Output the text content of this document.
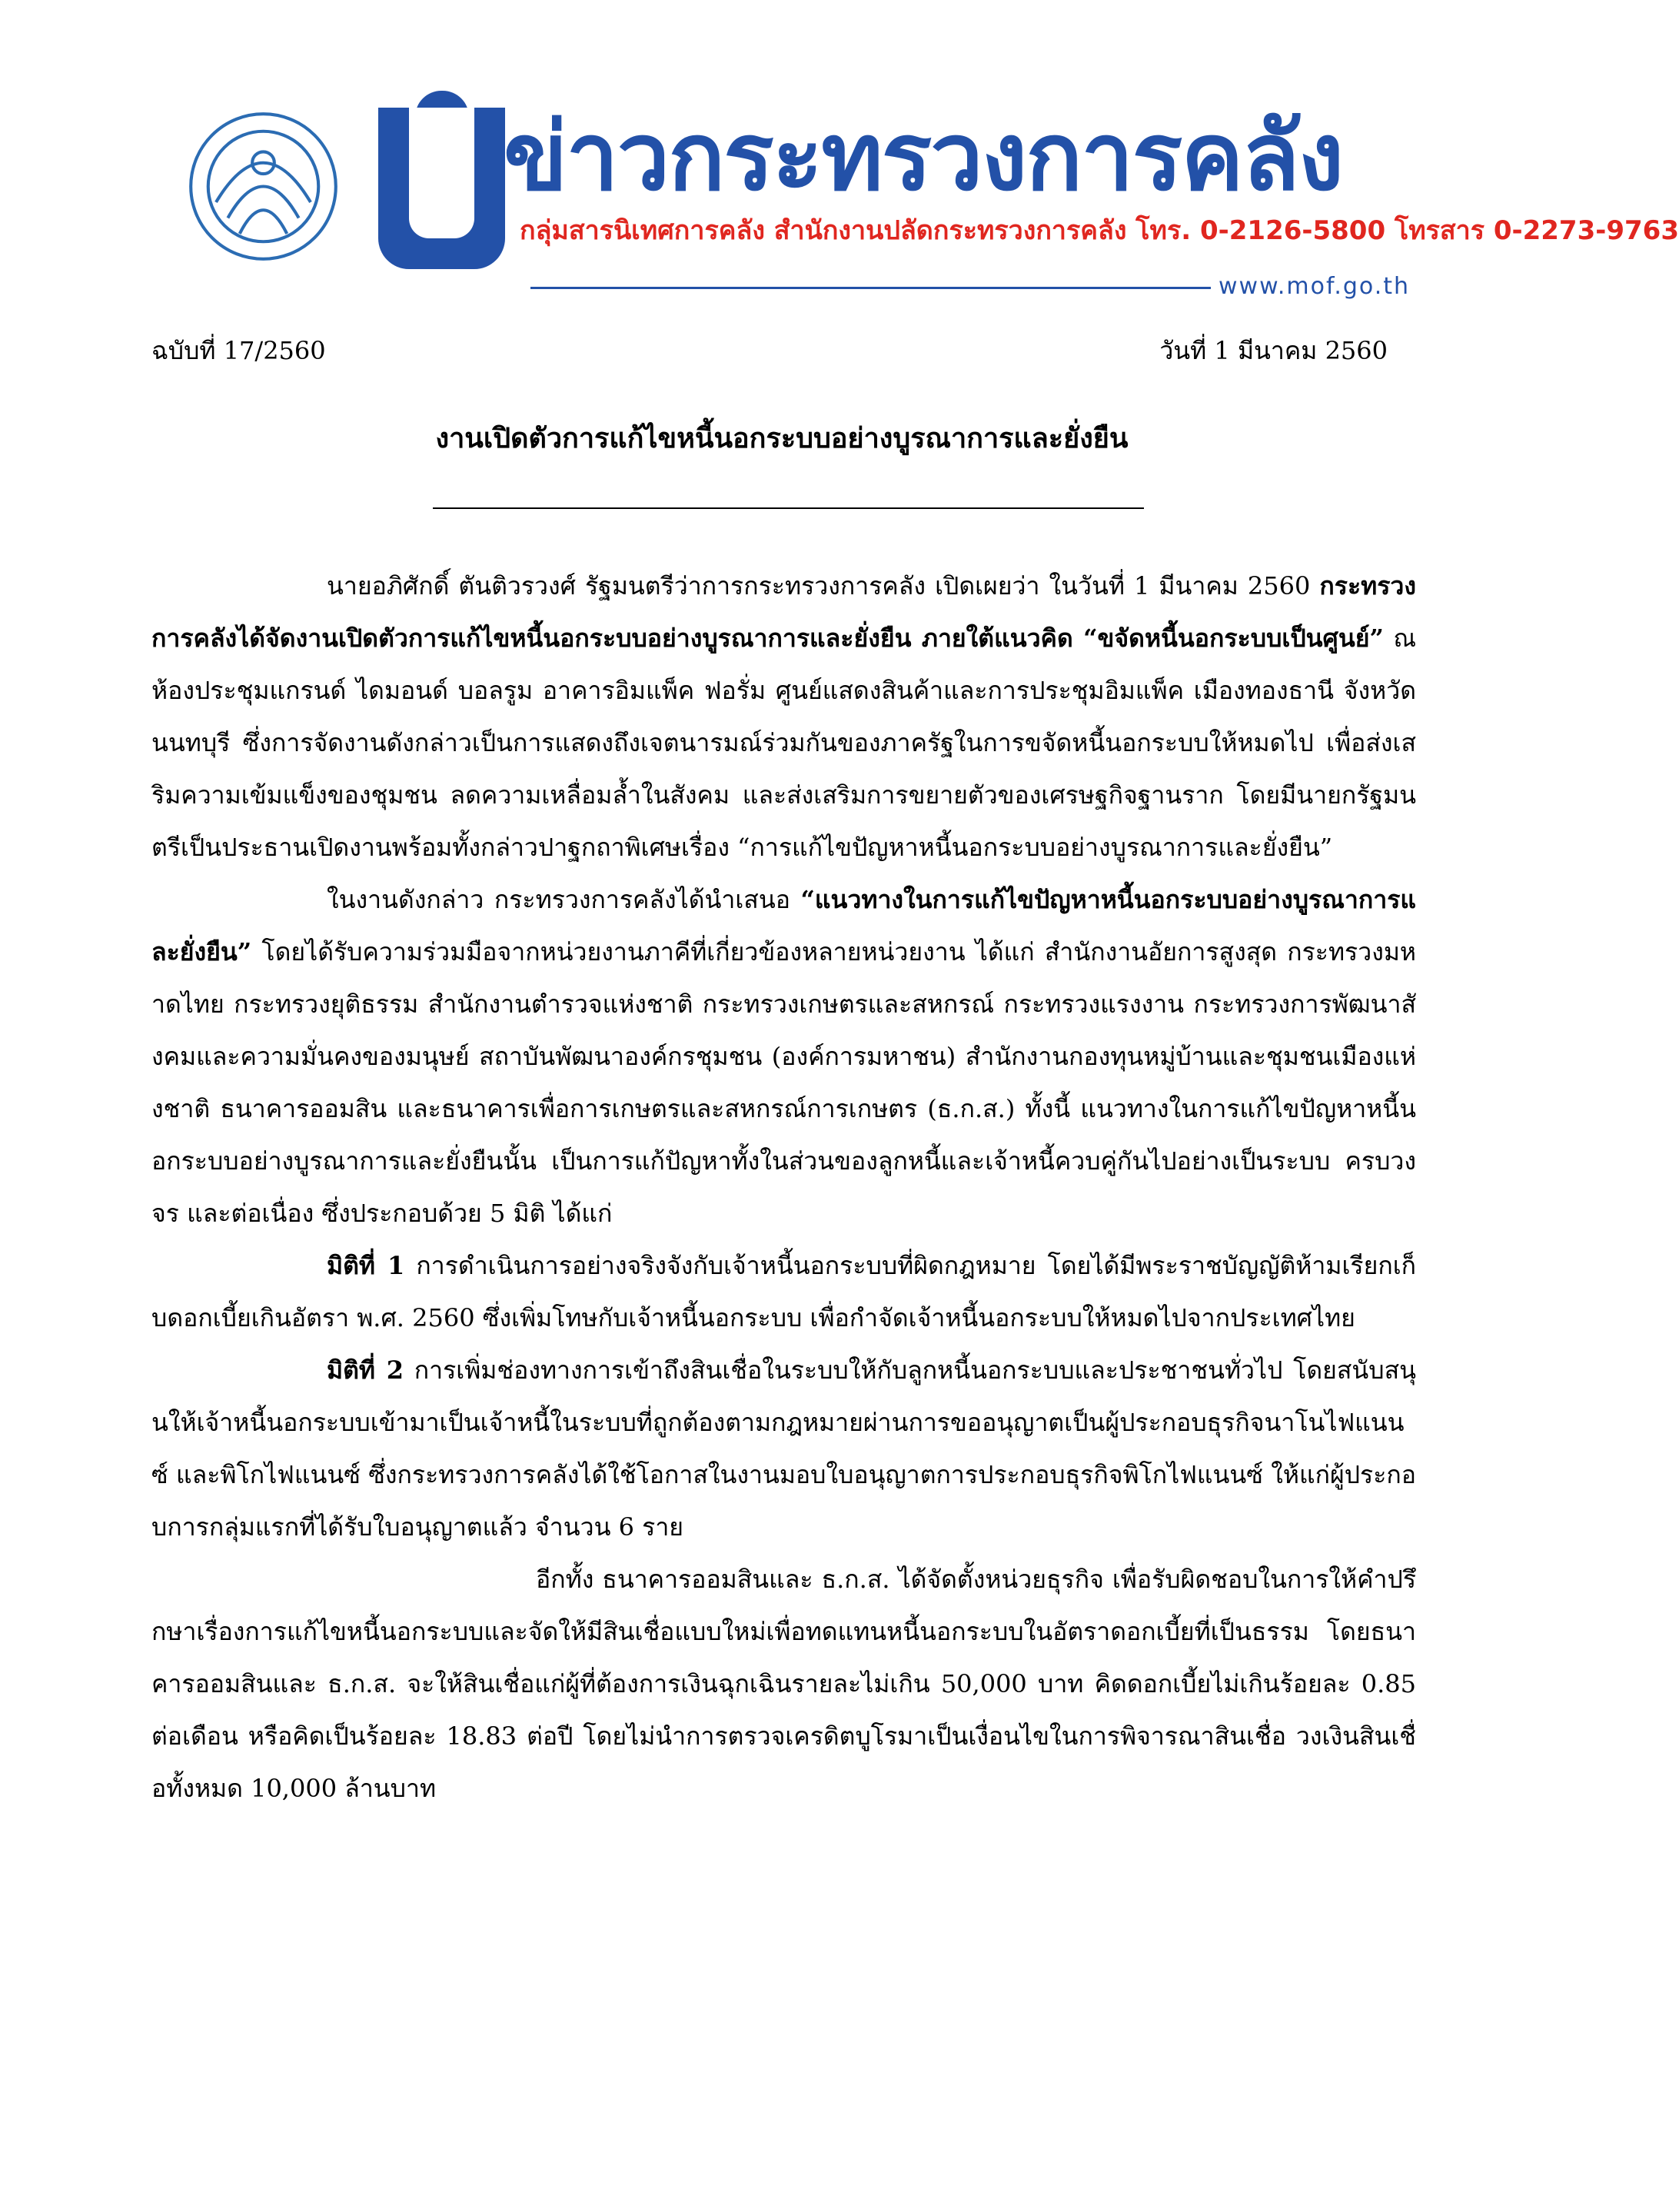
ข่าวกระทรวงการคลัง
กลุ่มสารนิเทศการคลัง สำนักงานปลัดกระทรวงการคลัง โทร. 0-2126-5800 โทรสาร 0-2273-9763
www.mof.go.th
ฉบับที่ 17/2560	วันที่ 1 มีนาคม 2560
งานเปิดตัวการแก้ไขหนี้นอกระบบอย่างบูรณาการและยั่งยืน

นายอภิศักดิ์ ตันติวรวงศ์ รัฐมนตรีว่าการกระทรวงการคลัง เปิดเผยว่า ในวันที่ 1 มีนาคม 2560 กระทรวงการคลังได้จัดงานเปิดตัวการแก้ไขหนี้นอกระบบอย่างบูรณาการและยั่งยืน ภายใต้แนวคิด “ขจัดหนี้นอกระบบเป็นศูนย์” ณ ห้องประชุมแกรนด์ ไดมอนด์ บอลรูม อาคารอิมแพ็ค ฟอรั่ม ศูนย์แสดงสินค้าและการประชุมอิมแพ็ค เมืองทองธานี จังหวัดนนทบุรี ซึ่งการจัดงานดังกล่าวเป็นการแสดงถึงเจตนารมณ์ร่วมกันของภาครัฐในการขจัดหนี้นอกระบบให้หมดไป เพื่อส่งเสริมความเข้มแข็งของชุมชน ลดความเหลื่อมล้ำในสังคม และส่งเสริมการขยายตัวของเศรษฐกิจฐานราก โดยมีนายกรัฐมนตรีเป็นประธานเปิดงานพร้อมทั้งกล่าวปาฐกถาพิเศษเรื่อง “การแก้ไขปัญหาหนี้นอกระบบอย่างบูรณาการและยั่งยืน”

ในงานดังกล่าว กระทรวงการคลังได้นำเสนอ “แนวทางในการแก้ไขปัญหาหนี้นอกระบบอย่างบูรณาการและยั่งยืน” โดยได้รับความร่วมมือจากหน่วยงานภาคีที่เกี่ยวข้องหลายหน่วยงาน ได้แก่ สำนักงานอัยการสูงสุด กระทรวงมหาดไทย กระทรวงยุติธรรม สำนักงานตำรวจแห่งชาติ กระทรวงเกษตรและสหกรณ์ กระทรวงแรงงาน กระทรวงการพัฒนาสังคมและความมั่นคงของมนุษย์ สถาบันพัฒนาองค์กรชุมชน (องค์การมหาชน) สำนักงานกองทุนหมู่บ้านและชุมชนเมืองแห่งชาติ ธนาคารออมสิน และธนาคารเพื่อการเกษตรและสหกรณ์การเกษตร (ธ.ก.ส.) ทั้งนี้ แนวทางในการแก้ไขปัญหาหนี้นอกระบบอย่างบูรณาการและยั่งยืนนั้น เป็นการแก้ปัญหาทั้งในส่วนของลูกหนี้และเจ้าหนี้ควบคู่กันไปอย่างเป็นระบบ ครบวงจร และต่อเนื่อง ซึ่งประกอบด้วย 5 มิติ ได้แก่

มิติที่ 1 การดำเนินการอย่างจริงจังกับเจ้าหนี้นอกระบบที่ผิดกฎหมาย โดยได้มีพระราชบัญญัติห้ามเรียกเก็บดอกเบี้ยเกินอัตรา พ.ศ. 2560 ซึ่งเพิ่มโทษกับเจ้าหนี้นอกระบบ เพื่อกำจัดเจ้าหนี้นอกระบบให้หมดไปจากประเทศไทย

มิติที่ 2 การเพิ่มช่องทางการเข้าถึงสินเชื่อในระบบให้กับลูกหนี้นอกระบบและประชาชนทั่วไป โดยสนับสนุนให้เจ้าหนี้นอกระบบเข้ามาเป็นเจ้าหนี้ในระบบที่ถูกต้องตามกฎหมายผ่านการขออนุญาตเป็นผู้ประกอบธุรกิจนาโนไฟแนนซ์ และพิโกไฟแนนซ์ ซึ่งกระทรวงการคลังได้ใช้โอกาสในงานมอบใบอนุญาตการประกอบธุรกิจพิโกไฟแนนซ์ ให้แก่ผู้ประกอบการกลุ่มแรกที่ได้รับใบอนุญาตแล้ว จำนวน 6 ราย

อีกทั้ง ธนาคารออมสินและ ธ.ก.ส. ได้จัดตั้งหน่วยธุรกิจ เพื่อรับผิดชอบในการให้คำปรึกษาเรื่องการแก้ไขหนี้นอกระบบและจัดให้มีสินเชื่อแบบใหม่เพื่อทดแทนหนี้นอกระบบในอัตราดอกเบี้ยที่เป็นธรรม โดยธนาคารออมสินและ ธ.ก.ส. จะให้สินเชื่อแก่ผู้ที่ต้องการเงินฉุกเฉินรายละไม่เกิน 50,000 บาท คิดดอกเบี้ยไม่เกินร้อยละ 0.85 ต่อเดือน หรือคิดเป็นร้อยละ 18.83 ต่อปี โดยไม่นำการตรวจเครดิตบูโรมาเป็นเงื่อนไขในการพิจารณาสินเชื่อ วงเงินสินเชื่อทั้งหมด 10,000 ล้านบาท
